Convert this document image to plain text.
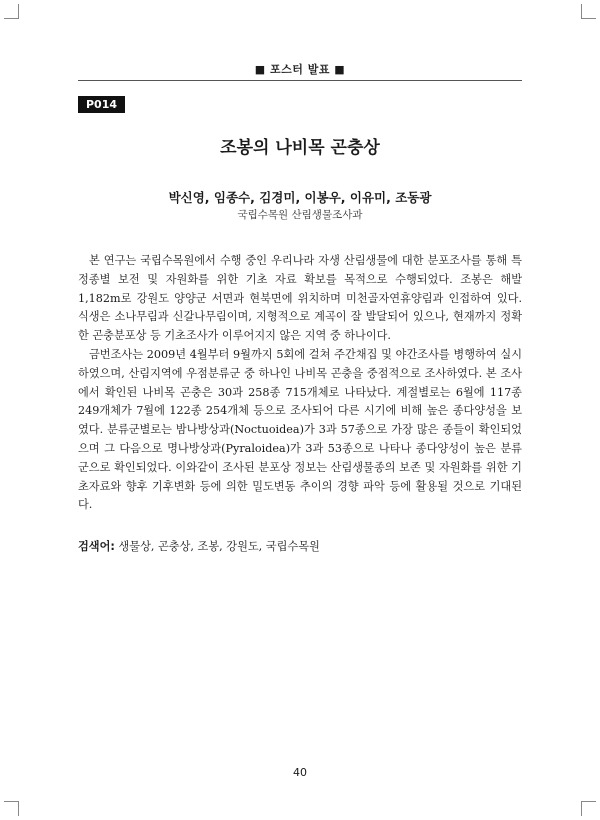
■ 포스터 발표 ■
P014
조봉의 나비목 곤충상
박신영, 임종수, 김경미, 이봉우, 이유미, 조동광
국립수목원 산림생물조사과

본 연구는 국립수목원에서 수행 중인 우리나라 자생 산림생물에 대한 분포조사를 통해 특정종별 보전 및 자원화를 위한 기초 자료 확보를 목적으로 수행되었다. 조봉은 해발 1,182m로 강원도 양양군 서면과 현북면에 위치하며 미천골자연휴양림과 인접하여 있다. 식생은 소나무림과 신갈나무림이며, 지형적으로 계곡이 잘 발달되어 있으나, 현재까지 정확한 곤충분포상 등 기초조사가 이루어지지 않은 지역 중 하나이다.

금번조사는 2009년 4월부터 9월까지 5회에 걸쳐 주간채집 및 야간조사를 병행하여 실시하였으며, 산림지역에 우점분류군 중 하나인 나비목 곤충을 중점적으로 조사하였다. 본 조사에서 확인된 나비목 곤충은 30과 258종 715개체로 나타났다. 계절별로는 6월에 117종 249개체가 7월에 122종 254개체 등으로 조사되어 다른 시기에 비해 높은 종다양성을 보였다. 분류군별로는 밤나방상과(Noctuoidea)가 3과 57종으로 가장 많은 종들이 확인되었으며 그 다음으로 명나방상과(Pyraloidea)가 3과 53종으로 나타나 종다양성이 높은 분류군으로 확인되었다. 이와같이 조사된 분포상 정보는 산림생물종의 보존 및 자원화를 위한 기초자료와 향후 기후변화 등에 의한 밀도변동 추이의 경향 파악 등에 활용될 것으로 기대된다.

검색어: 생물상, 곤충상, 조봉, 강원도, 국립수목원
40
